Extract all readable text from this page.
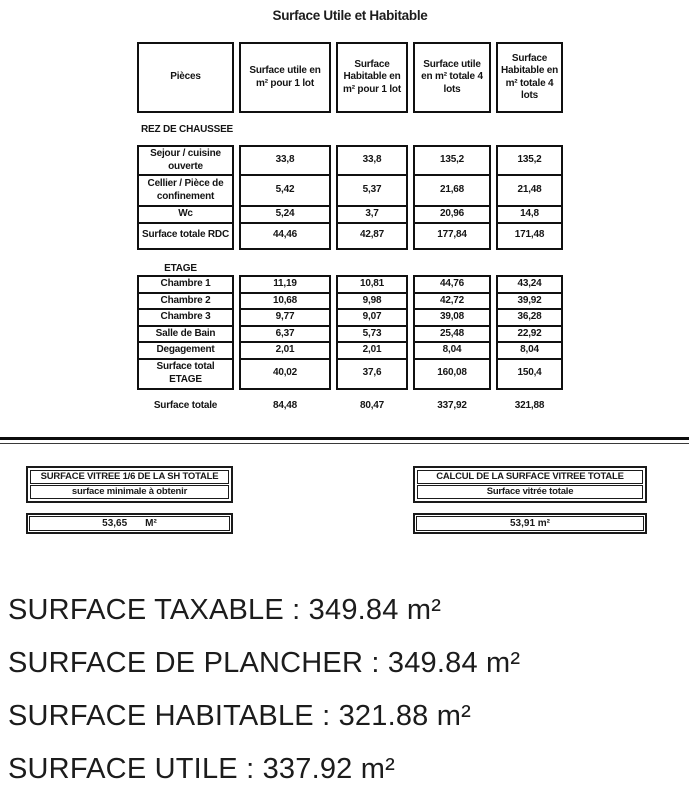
Surface Utile et Habitable
Pièces	Surface utile en m² pour 1 lot	Surface Habitable en m² pour 1 lot	Surface utile en m² totale 4 lots	Surface Habitable en m² totale 4 lots
REZ DE CHAUSSEE
Sejour / cuisine ouverte	33,8	33,8	135,2	135,2
Cellier / Pièce de confinement	5,42	5,37	21,68	21,48
Wc	5,24	3,7	20,96	14,8
Surface totale RDC	44,46	42,87	177,84	171,48
ETAGE
Chambre 1	11,19	10,81	44,76	43,24
Chambre 2	10,68	9,98	42,72	39,92
Chambre 3	9,77	9,07	39,08	36,28
Salle de Bain	6,37	5,73	25,48	22,92
Degagement	2,01	2,01	8,04	8,04
Surface total ETAGE	40,02	37,6	160,08	150,4
Surface totale	84,48	80,47	337,92	321,88
SURFACE VITREE 1/6 DE LA SH TOTALE
surface minimale à obtenir
53,65 M²
CALCUL DE LA SURFACE VITREE TOTALE
Surface vitrée totale
53,91 m²
SURFACE TAXABLE : 349.84 m²
SURFACE DE PLANCHER : 349.84 m²
SURFACE HABITABLE : 321.88 m²
SURFACE UTILE : 337.92 m²
